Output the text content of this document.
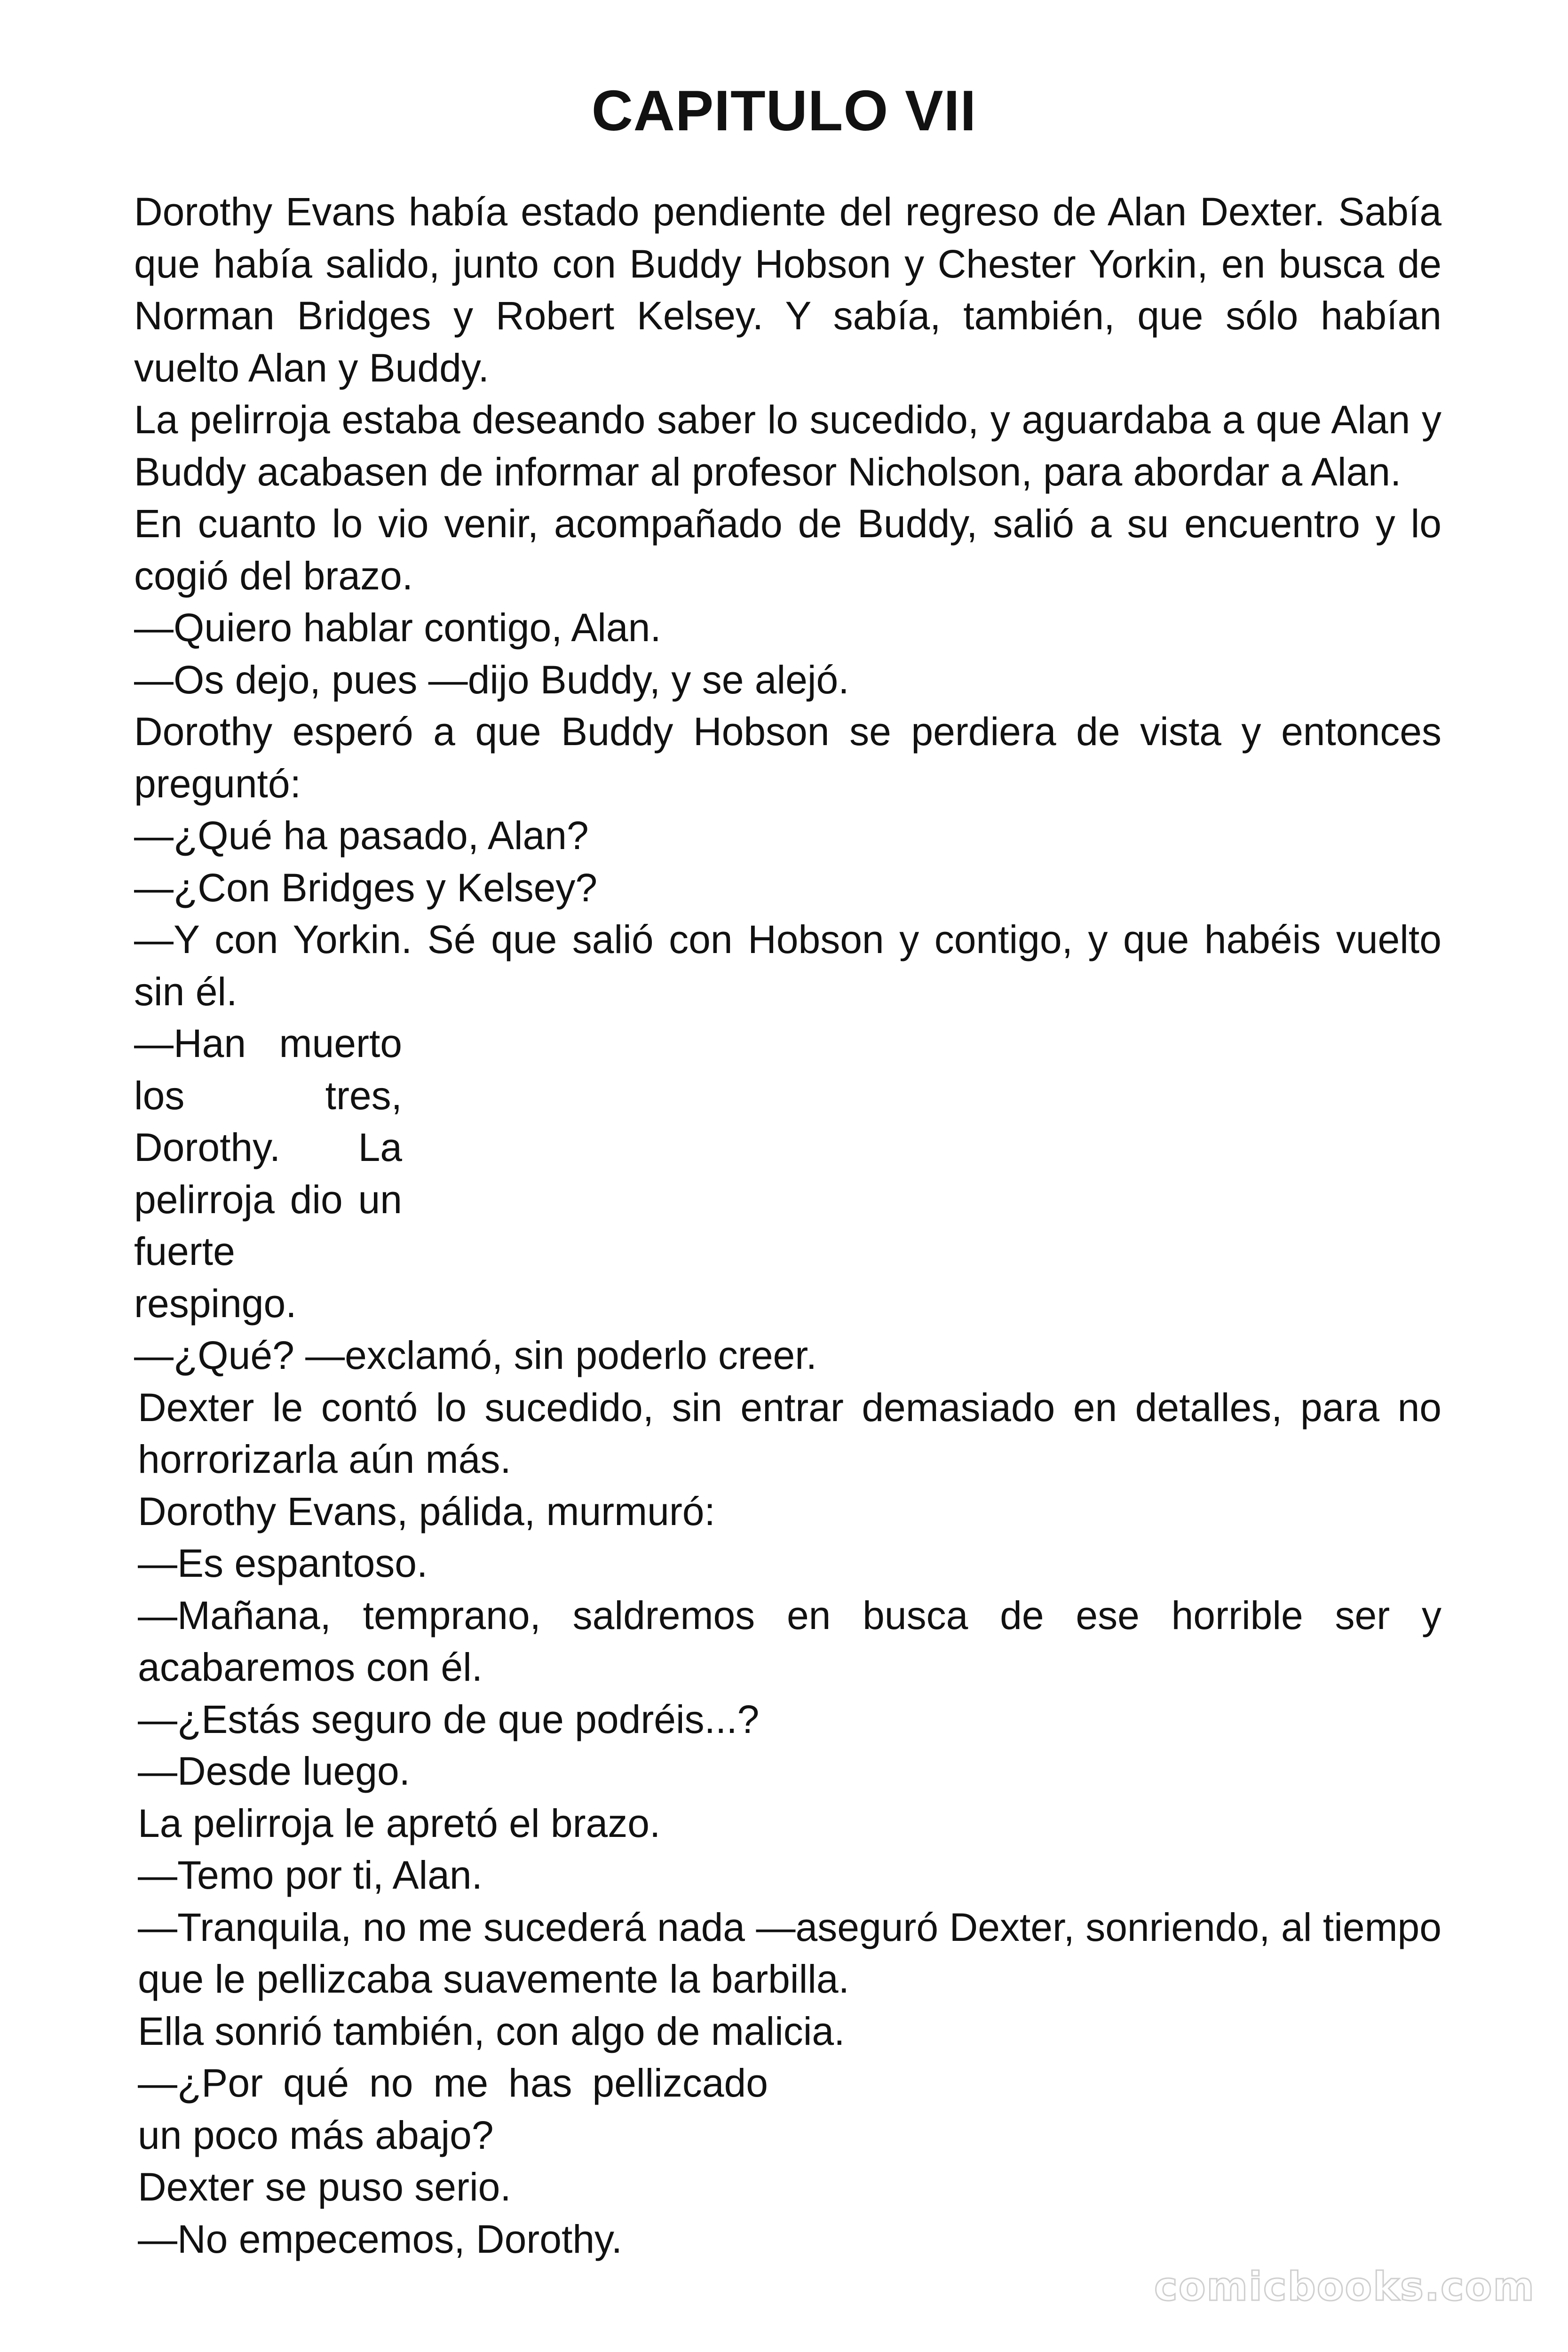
CAPITULO VII

Dorothy Evans había estado pendiente del regreso de Alan Dexter. Sabía que había salido, junto con Buddy Hobson y Chester Yorkin, en busca de Norman Bridges y Robert Kelsey. Y sabía, también, que sólo habían vuelto Alan y Buddy.

La pelirroja estaba deseando saber lo sucedido, y aguardaba a que Alan y Buddy acabasen de informar al profesor Nicholson, para abordar a Alan.

En cuanto lo vio venir, acompañado de Buddy, salió a su encuentro y lo cogió del brazo.

—Quiero hablar contigo, Alan.

—Os dejo, pues —dijo Buddy, y se alejó.

Dorothy esperó a que Buddy Hobson se perdiera de vista y entonces preguntó:

—¿Qué ha pasado, Alan?

—¿Con Bridges y Kelsey?

—Y con Yorkin. Sé que salió con Hobson y contigo, y que habéis vuelto sin él.

—Han muerto los tres, Dorothy. La pelirroja dio un fuerte respingo.

—¿Qué? —exclamó, sin poderlo creer.

Dexter le contó lo sucedido, sin entrar demasiado en detalles, para no horrorizarla aún más.

Dorothy Evans, pálida, murmuró:

—Es espantoso.

—Mañana, temprano, saldremos en busca de ese horrible ser y acabaremos con él.

—¿Estás seguro de que podréis...?

—Desde luego.

La pelirroja le apretó el brazo.

—Temo por ti, Alan.

—Tranquila, no me sucederá nada —aseguró Dexter, sonriendo, al tiempo que le pellizcaba suavemente la barbilla.

Ella sonrió también, con algo de malicia.

—¿Por qué no me has pellizcado un poco más abajo?

Dexter se puso serio.

—No empecemos, Dorothy.

comicbooks.com
